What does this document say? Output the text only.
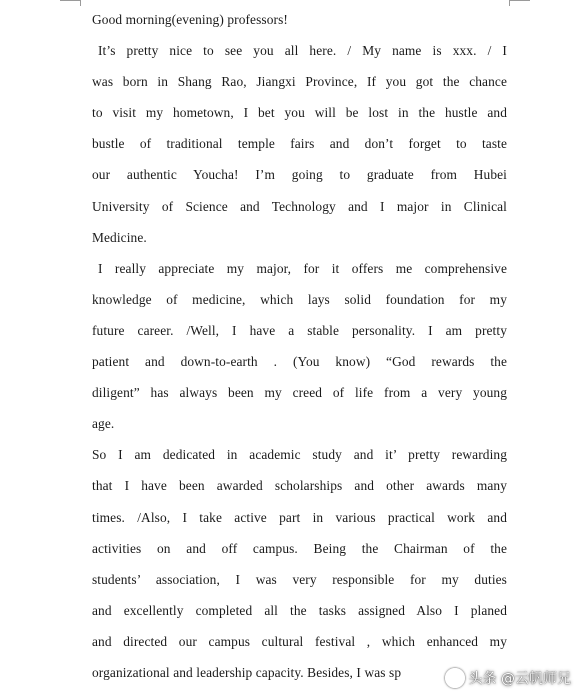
Good morning(evening) professors!
It’s pretty nice to see you all here. / My name is xxx. / I
was born in Shang Rao, Jiangxi Province, If you got the chance
to visit my hometown, I bet you will be lost in the hustle and
bustle of traditional temple fairs and don’t forget to taste
our authentic Youcha! I’m going to graduate from Hubei
University of Science and Technology and I major in Clinical
Medicine.
I really appreciate my major, for it offers me comprehensive
knowledge of medicine, which lays solid foundation for my
future career. /Well, I have a stable personality. I am pretty
patient and down-to-earth . (You know) “God rewards the
diligent” has always been my creed of life from a very young
age.
So I am dedicated in academic study and it’ pretty rewarding
that I have been awarded scholarships and other awards many
times. /Also, I take active part in various practical work and
activities on and off campus. Being the Chairman of the
students’ association, I was very responsible for my duties
and excellently completed all the tasks assigned Also I planed
and directed our campus cultural festival , which enhanced my
organizational and leadership capacity. Besides, I was sp	头条 @云帆师兄
